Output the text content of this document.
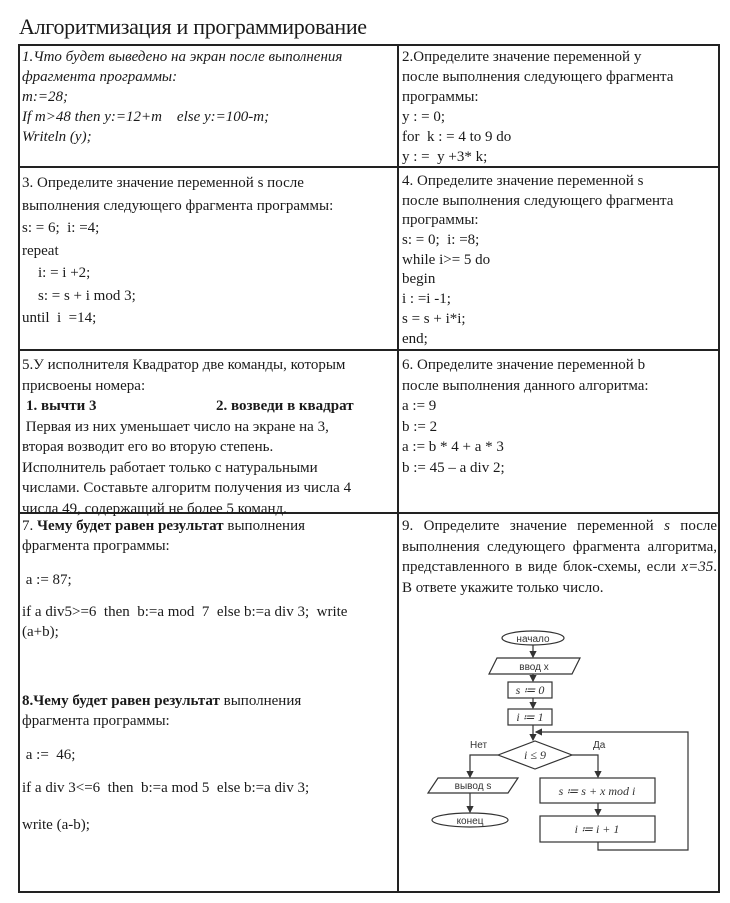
Алгоритмизация и программирование
1.Что будет выведено на экран после выполнения
фрагмента программы:
m:=28;
If m>48 then y:=12+m    else y:=100-m;
Writeln (y);
2.Определите значение переменной y
после выполнения следующего фрагмента
программы:
y : = 0;
for  k : = 4 to 9 do
y : =  y +3* k;
3. Определите значение переменной s после
выполнения следующего фрагмента программы:
s: = 6;  i: =4;
repeat
i: = i +2;
s: = s + i mod 3;
until  i  =14;
4. Определите значение переменной s
после выполнения следующего фрагмента
программы:
s: = 0;  i: =8;
while i>= 5 do
begin
i : =i -1;
s = s + i*i;
end;
5.У исполнителя Квадратор две команды, которым
присвоены номера:
1. вычти 3	2. возведи в квадрат
Первая из них уменьшает число на экране на 3,
вторая возводит его во вторую степень.
Исполнитель работает только с натуральными
числами. Составьте алгоритм получения из числа 4
числа 49, содержащий не более 5 команд.
6. Определите значение переменной b
после выполнения данного алгоритма:
a := 9
b := 2
a := b * 4 + a * 3
b := 45 – a div 2;
7. Чему будет равен результат выполнения
фрагмента программы:
a := 87;
if a div5>=6  then  b:=a mod  7  else b:=a div 3;  write
(a+b);
8.Чему будет равен результат выполнения
фрагмента программы:
a :=  46;
if a div 3<=6  then  b:=a mod 5  else b:=a div 3;
write (a-b);
9. Определите значение переменной s после выполнения следующего фрагмента алгоритма, представленного в виде блок-схемы, если x=35. В ответе укажите только число.
начало
ввод x
s ≔ 0
i ≔ 1
i ≤ 9
Нет	Да
вывод s
конец
s ≔ s + x mod i
i ≔ i + 1
